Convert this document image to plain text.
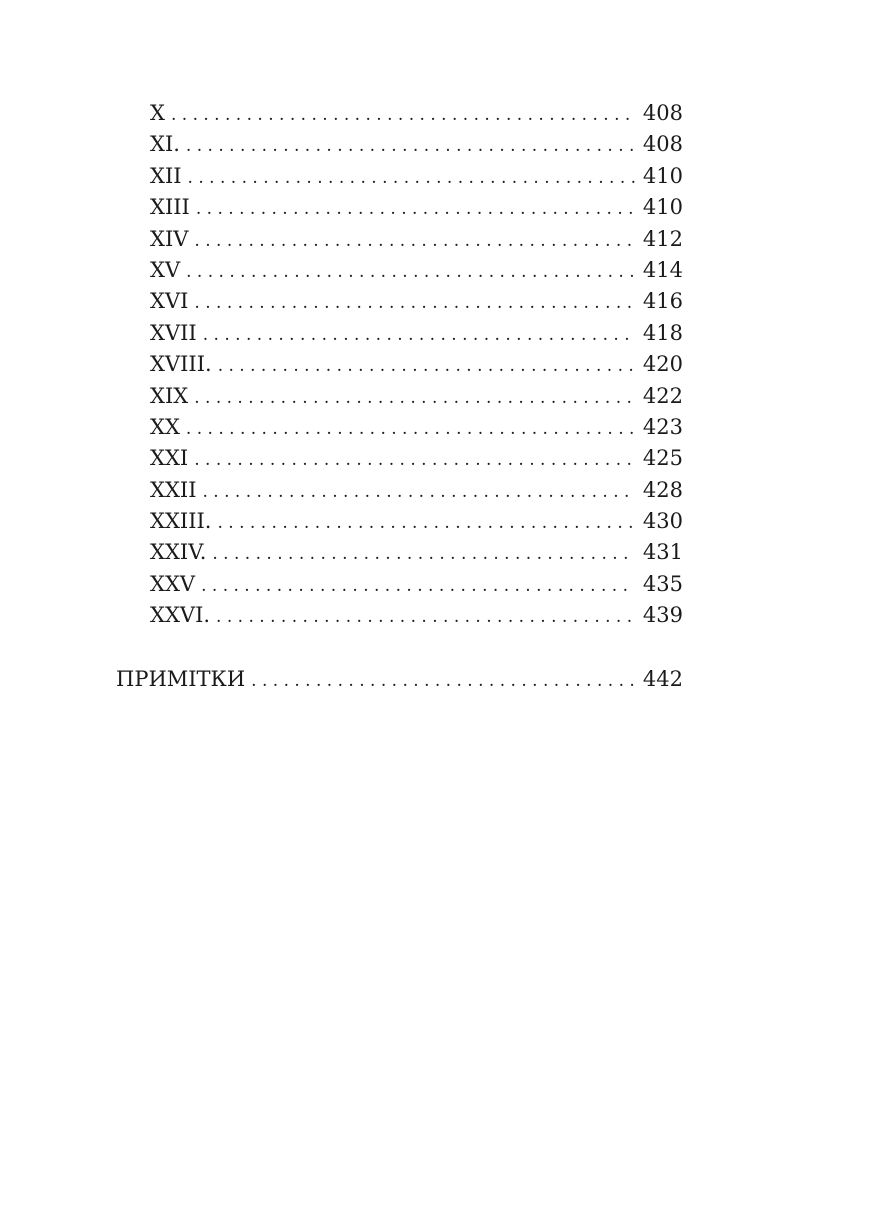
X . . .	408
XI. . . .	408
XII . . .	410
XIII . . .	410
XIV . . .	412
XV . . .	414
XVI . . .	416
XVII . . .	418
XVIII. . . .	420
XIX . . .	422
XX . . .	423
XXI . . .	425
XXII . . .	428
XXIII. . . .	430
XXIV. . . .	431
XXV . . .	435
XXVI. . . .	439
ПРИМІТКИ . . .	442
